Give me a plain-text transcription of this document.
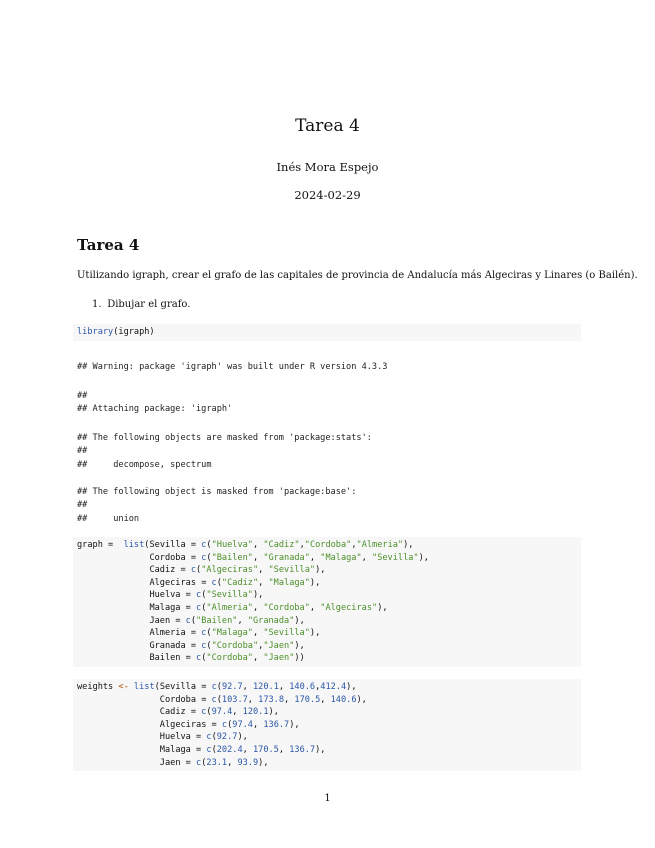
Tarea 4
Inés Mora Espejo
2024-02-29
Tarea 4
Utilizando igraph, crear el grafo de las capitales de provincia de Andalucía más Algeciras y Linares (o Bailén).
1. Dibujar el grafo.
library(igraph)
## Warning: package 'igraph' was built under R version 4.3.3
##
## Attaching package: 'igraph'
## The following objects are masked from 'package:stats':
##
##     decompose, spectrum
## The following object is masked from 'package:base':
##
##     union
graph =  list(Sevilla = c("Huelva", "Cadiz","Cordoba","Almeria"),
Cordoba = c("Bailen", "Granada", "Malaga", "Sevilla"),
Cadiz = c("Algeciras", "Sevilla"),
Algeciras = c("Cadiz", "Malaga"),
Huelva = c("Sevilla"),
Malaga = c("Almeria", "Cordoba", "Algeciras"),
Jaen = c("Bailen", "Granada"),
Almeria = c("Malaga", "Sevilla"),
Granada = c("Cordoba","Jaen"),
Bailen = c("Cordoba", "Jaen"))
weights <- list(Sevilla = c(92.7, 120.1, 140.6,412.4),
Cordoba = c(103.7, 173.8, 170.5, 140.6),
Cadiz = c(97.4, 120.1),
Algeciras = c(97.4, 136.7),
Huelva = c(92.7),
Malaga = c(202.4, 170.5, 136.7),
Jaen = c(23.1, 93.9),
1
